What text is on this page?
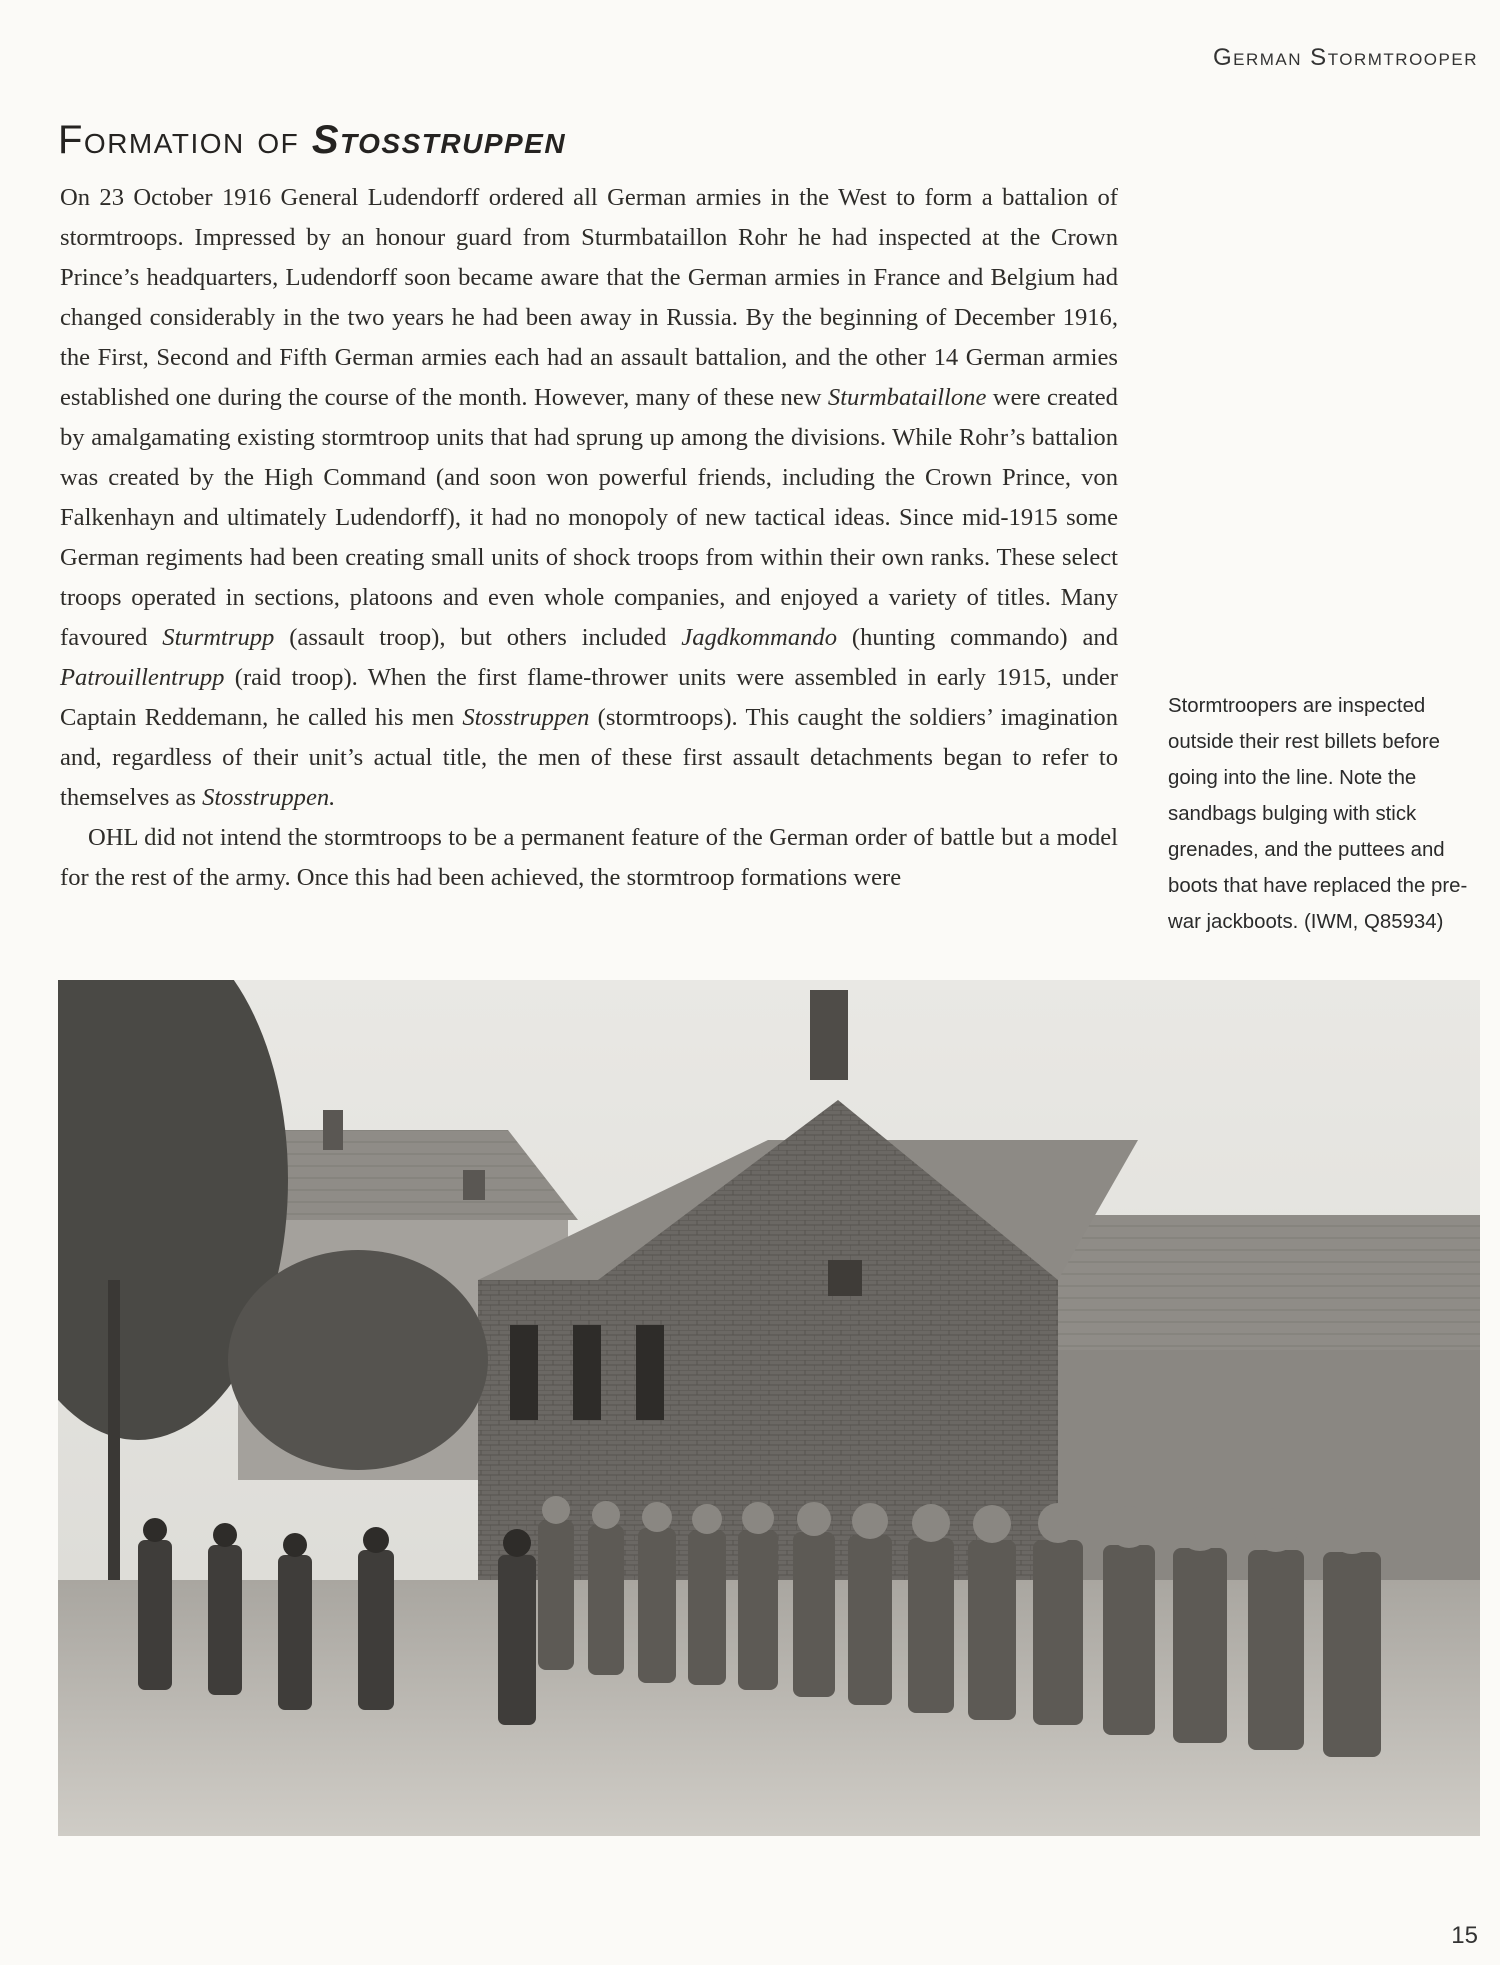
German Stormtrooper
Formation of Stosstruppen

On 23 October 1916 General Ludendorff ordered all German armies in the West to form a battalion of stormtroops. Impressed by an honour guard from Sturmbataillon Rohr he had inspected at the Crown Prince’s headquarters, Ludendorff soon became aware that the German armies in France and Belgium had changed considerably in the two years he had been away in Russia. By the beginning of December 1916, the First, Second and Fifth German armies each had an assault battalion, and the other 14 German armies established one during the course of the month. However, many of these new Sturmbataillone were created by amalgamating existing stormtroop units that had sprung up among the divisions. While Rohr’s battalion was created by the High Command (and soon won powerful friends, including the Crown Prince, von Falkenhayn and ultimately Ludendorff), it had no monopoly of new tactical ideas. Since mid-1915 some German regiments had been creating small units of shock troops from within their own ranks. These select troops operated in sections, platoons and even whole companies, and enjoyed a variety of titles. Many favoured Sturmtrupp (assault troop), but others included Jagdkommando (hunting commando) and Patrouillentrupp (raid troop). When the first flame-thrower units were assembled in early 1915, under Captain Reddemann, he called his men Stosstruppen (stormtroops). This caught the soldiers’ imagination and, regardless of their unit’s actual title, the men of these first assault detachments began to refer to themselves as Stosstruppen.

OHL did not intend the stormtroops to be a permanent feature of the German order of battle but a model for the rest of the army. Once this had been achieved, the stormtroop formations were

Stormtroopers are inspected outside their rest billets before going into the line. Note the sandbags bulging with stick grenades, and the puttees and boots that have replaced the pre-war jackboots. (IWM, Q85934)
15
